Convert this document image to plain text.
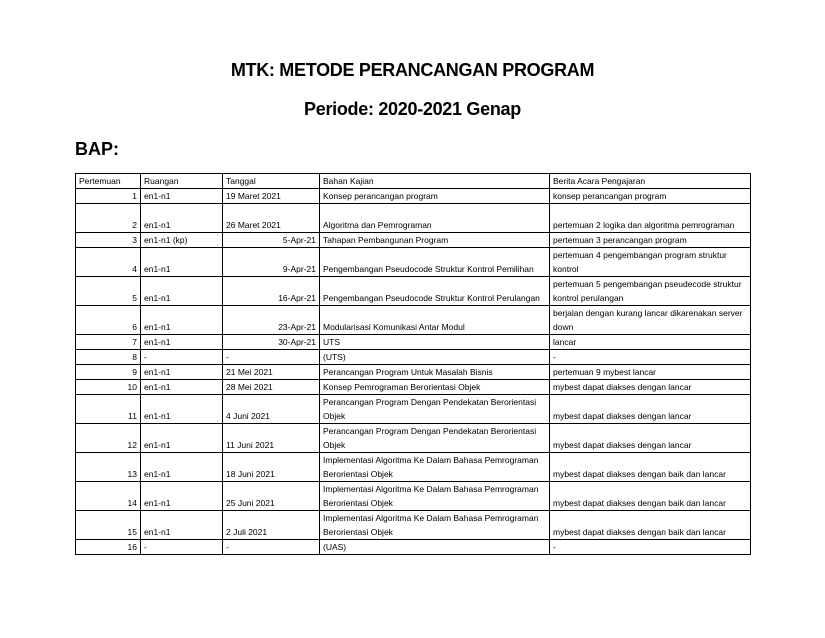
MTK: METODE PERANCANGAN PROGRAM
Periode: 2020-2021 Genap
BAP:
Pertemuan	Ruangan	Tanggal	Bahan Kajian	Berita Acara Pengajaran
1	en1-n1	19 Maret 2021	Konsep perancangan program	konsep perancangan program
2	en1-n1	26 Maret 2021	Algoritma dan Pemrograman	pertemuan 2 logika dan algoritma pemrograman
3	en1-n1 (kp)	5-Apr-21	Tahapan Pembangunan Program	pertemuan 3 perancangan program
4	en1-n1	9-Apr-21	Pengembangan Pseudocode Struktur Kontrol Pemilihan	pertemuan 4 pengembangan program struktur kontrol
5	en1-n1	16-Apr-21	Pengembangan Pseudocode Struktur Kontrol Perulangan	pertemuan 5 pengembangan pseudecode struktur kontrol perulangan
6	en1-n1	23-Apr-21	Modularisasi Komunikasi Antar Modul	berjalan dengan kurang lancar dikarenakan server down
7	en1-n1	30-Apr-21	UTS	lancar
8	-	-	(UTS)	-
9	en1-n1	21 Mei 2021	Perancangan Program Untuk Masalah Bisnis	pertemuan 9 mybest lancar
10	en1-n1	28 Mei 2021	Konsep Pemrograman Berorientasi Objek	mybest dapat diakses dengan lancar
11	en1-n1	4 Juni 2021	Perancangan Program Dengan Pendekatan Berorientasi Objek	mybest dapat diakses dengan lancar
12	en1-n1	11 Juni 2021	Perancangan Program Dengan Pendekatan Berorientasi Objek	mybest dapat diakses dengan lancar
13	en1-n1	18 Juni 2021	Implementasi Algoritma Ke Dalam Bahasa Pemrograman Berorientasi Objek	mybest dapat diakses dengan baik dan lancar
14	en1-n1	25 Juni 2021	Implementasi Algoritma Ke Dalam Bahasa Pemrograman Berorientasi Objek	mybest dapat diakses dengan baik dan lancar
15	en1-n1	2 Juli 2021	Implementasi Algoritma Ke Dalam Bahasa Pemrograman Berorientasi Objek	mybest dapat diakses dengan baik dan lancar
16	-	-	(UAS)	-
